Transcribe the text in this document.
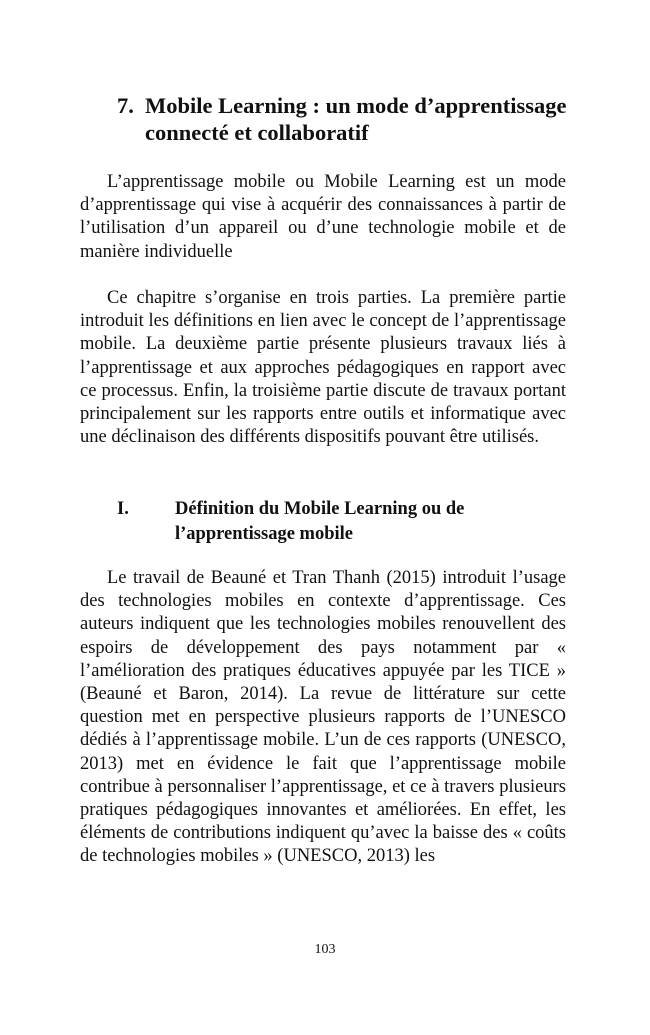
7. Mobile Learning : un mode d’apprentissage connecté et collaboratif

L’apprentissage mobile ou Mobile Learning est un mode d’apprentissage qui vise à acquérir des connaissances à partir de l’utilisation d’un appareil ou d’une technologie mobile et de manière individuelle

Ce chapitre s’organise en trois parties. La première partie introduit les définitions en lien avec le concept de l’apprentissage mobile. La deuxième partie présente plusieurs travaux liés à l’apprentissage et aux approches pédagogiques en rapport avec ce processus. Enfin, la troisième partie discute de travaux portant principalement sur les rapports entre outils et informatique avec une déclinaison des différents dispositifs pouvant être utilisés.

I.	Définition du Mobile Learning ou de l’apprentissage mobile

Le travail de Beauné et Tran Thanh (2015) introduit l’usage des technologies mobiles en contexte d’apprentissage. Ces auteurs indiquent que les technologies mobiles renouvellent des espoirs de développement des pays notamment par « l’amélioration des pratiques éducatives appuyée par les TICE » (Beauné et Baron, 2014). La revue de littérature sur cette question met en perspective plusieurs rapports de l’UNESCO dédiés à l’apprentissage mobile. L’un de ces rapports (UNESCO, 2013) met en évidence le fait que l’apprentissage mobile contribue à personnaliser l’apprentissage, et ce à travers plusieurs pratiques pédagogiques innovantes et améliorées. En effet, les éléments de contributions indiquent qu’avec la baisse des « coûts de technologies mobiles » (UNESCO, 2013) les

103
